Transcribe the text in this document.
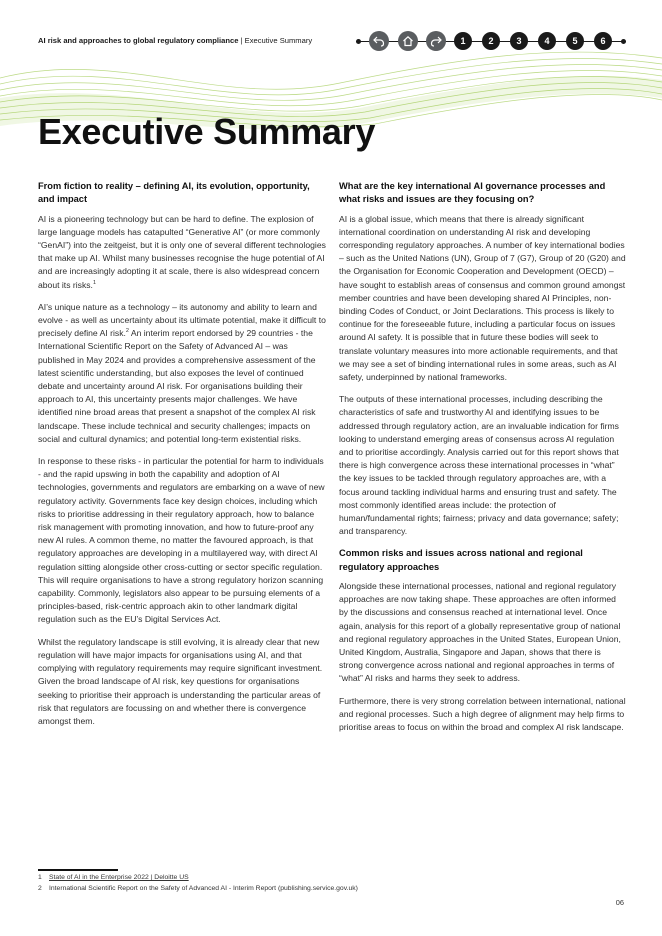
AI risk and approaches to global regulatory compliance | Executive Summary	1	2	3	4	5	6
Executive Summary
From fiction to reality – defining AI, its evolution, opportunity, and impact

AI is a pioneering technology but can be hard to define. The explosion of large language models has catapulted “Generative AI” (or more commonly “GenAI”) into the zeitgeist, but it is only one of several different technologies that make up AI. Whilst many businesses recognise the huge potential of AI and are increasingly adopting it at scale, there is also widespread concern about its risks.$^1$

AI’s unique nature as a technology – its autonomy and ability to learn and evolve - as well as uncertainty about its ultimate potential, make it difficult to precisely define AI risk.$^2$ An interim report endorsed by 29 countries - the International Scientific Report on the Safety of Advanced AI – was published in May 2024 and provides a comprehensive assessment of the latest scientific understanding, but also exposes the level of continued debate and uncertainty around AI risk. For organisations building their approach to AI, this uncertainty presents major challenges. We have identified nine broad areas that present a snapshot of the complex AI risk landscape. These include technical and security challenges; impacts on social and cultural dynamics; and potential long-term existential risks.

In response to these risks - in particular the potential for harm to individuals - and the rapid upswing in both the capability and adoption of AI technologies, governments and regulators are embarking on a wave of new regulatory activity. Governments face key design choices, including which risks to prioritise addressing in their regulatory approach, how to balance risk management with promoting innovation, and how to future-proof any new AI rules. A common theme, no matter the favoured approach, is that regulatory approaches are developing in a multilayered way, with direct AI regulation sitting alongside other cross-cutting or sector specific regulation. This will require organisations to have a strong regulatory horizon scanning capability. Commonly, legislators also appear to be pursuing elements of a principles-based, risk-centric approach akin to other landmark digital regulation such as the EU’s Digital Services Act.

Whilst the regulatory landscape is still evolving, it is already clear that new regulation will have major impacts for organisations using AI, and that complying with regulatory requirements may require significant investment. Given the broad landscape of AI risk, key questions for organisations seeking to prioritise their approach is understanding the particular areas of risk that regulators are focussing on and whether there is convergence amongst them.

What are the key international AI governance processes and what risks and issues are they focusing on?

AI is a global issue, which means that there is already significant international coordination on understanding AI risk and developing corresponding regulatory approaches. A number of key international bodies – such as the United Nations (UN), Group of 7 (G7), Group of 20 (G20) and the Organisation for Economic Cooperation and Development (OECD) – have sought to establish areas of consensus and common ground amongst member countries and have been developing shared AI Principles, non-binding Codes of Conduct, or Joint Declarations. This process is likely to continue for the foreseeable future, including a particular focus on issues around AI safety. It is possible that in future these bodies will seek to translate voluntary measures into more actionable requirements, and that we may see a set of binding international rules in some areas, such as AI safety, underpinned by national frameworks.

The outputs of these international processes, including describing the characteristics of safe and trustworthy AI and identifying issues to be addressed through regulatory action, are an invaluable indication for firms looking to understand emerging areas of consensus across AI regulation and to prioritise accordingly. Analysis carried out for this report shows that there is high convergence across these international processes in “what” the key issues to be tackled through regulatory approaches are, with a focus around tackling individual harms and ensuring trust and safety. The most commonly identified areas include: the protection of human/fundamental rights; fairness; privacy and data governance; safety; and transparency.

Common risks and issues across national and regional regulatory approaches

Alongside these international processes, national and regional regulatory approaches are now taking shape. These approaches are often informed by the discussions and consensus reached at international level. Once again, analysis for this report of a globally representative group of national and regional regulatory approaches in the United States, European Union, United Kingdom, Australia, Singapore and Japan, shows that there is strong convergence across national and regional approaches in terms of “what” AI risks and harms they seek to address.

Furthermore, there is very strong correlation between international, national and regional processes. Such a high degree of alignment may help firms to prioritise areas to focus on within the broad and complex AI risk landscape.

1 State of AI in the Enterprise 2022 | Deloitte US
2 International Scientific Report on the Safety of Advanced AI - Interim Report (publishing.service.gov.uk)
06
